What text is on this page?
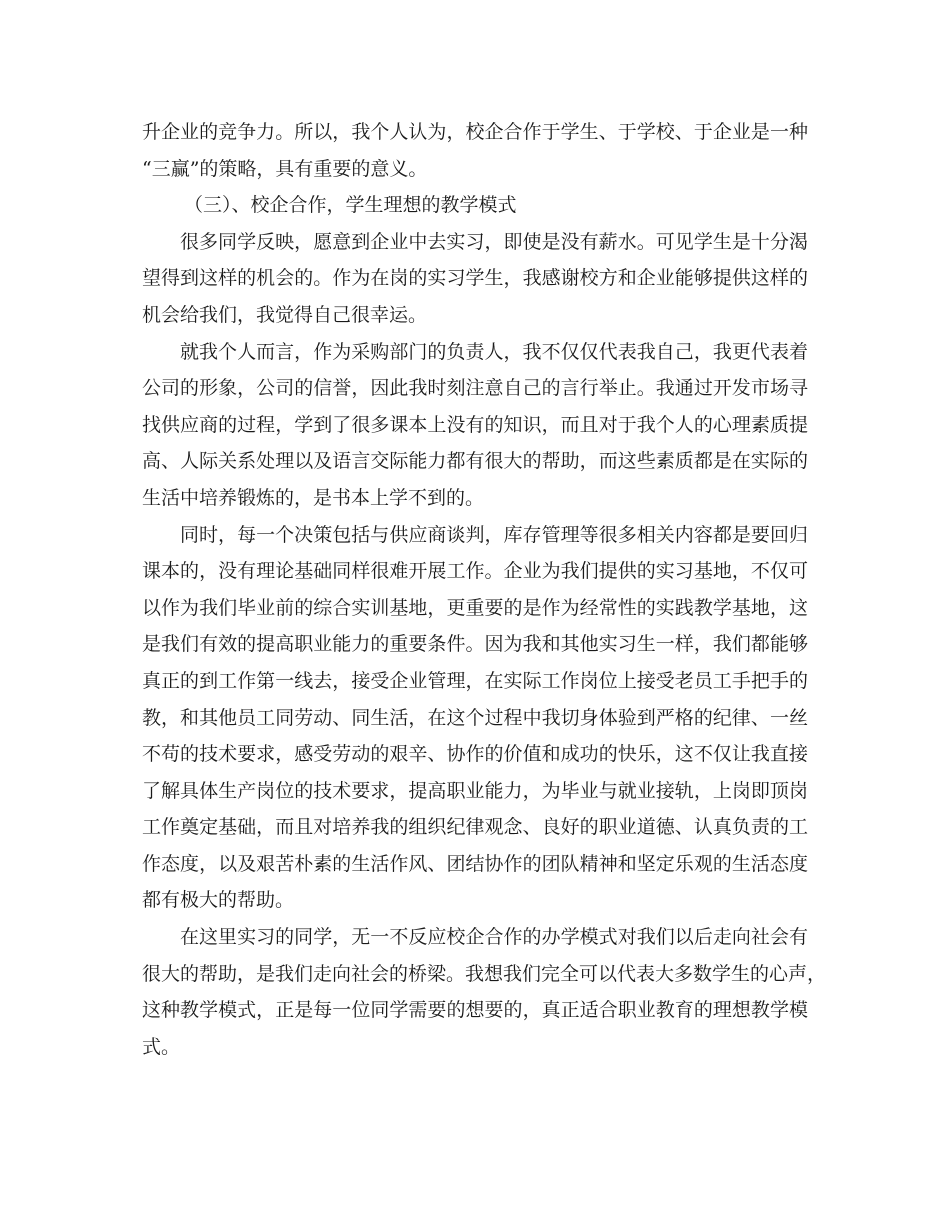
升企业的竞争力。所以，我个人认为，校企合作于学生、于学校、于企业是一种
“三赢”的策略，具有重要的意义。
（三）、校企合作，学生理想的教学模式
很多同学反映，愿意到企业中去实习，即使是没有薪水。可见学生是十分渴
望得到这样的机会的。作为在岗的实习学生，我感谢校方和企业能够提供这样的
机会给我们，我觉得自己很幸运。
就我个人而言，作为采购部门的负责人，我不仅仅代表我自己，我更代表着
公司的形象，公司的信誉，因此我时刻注意自己的言行举止。我通过开发市场寻
找供应商的过程，学到了很多课本上没有的知识，而且对于我个人的心理素质提
高、人际关系处理以及语言交际能力都有很大的帮助，而这些素质都是在实际的
生活中培养锻炼的，是书本上学不到的。
同时，每一个决策包括与供应商谈判，库存管理等很多相关内容都是要回归
课本的，没有理论基础同样很难开展工作。企业为我们提供的实习基地，不仅可
以作为我们毕业前的综合实训基地，更重要的是作为经常性的实践教学基地，这
是我们有效的提高职业能力的重要条件。因为我和其他实习生一样，我们都能够
真正的到工作第一线去，接受企业管理，在实际工作岗位上接受老员工手把手的
教，和其他员工同劳动、同生活，在这个过程中我切身体验到严格的纪律、一丝
不苟的技术要求，感受劳动的艰辛、协作的价值和成功的快乐，这不仅让我直接
了解具体生产岗位的技术要求，提高职业能力，为毕业与就业接轨，上岗即顶岗
工作奠定基础，而且对培养我的组织纪律观念、良好的职业道德、认真负责的工
作态度，以及艰苦朴素的生活作风、团结协作的团队精神和坚定乐观的生活态度
都有极大的帮助。
在这里实习的同学，无一不反应校企合作的办学模式对我们以后走向社会有
很大的帮助，是我们走向社会的桥梁。我想我们完全可以代表大多数学生的心声，
这种教学模式，正是每一位同学需要的想要的，真正适合职业教育的理想教学模
式。
